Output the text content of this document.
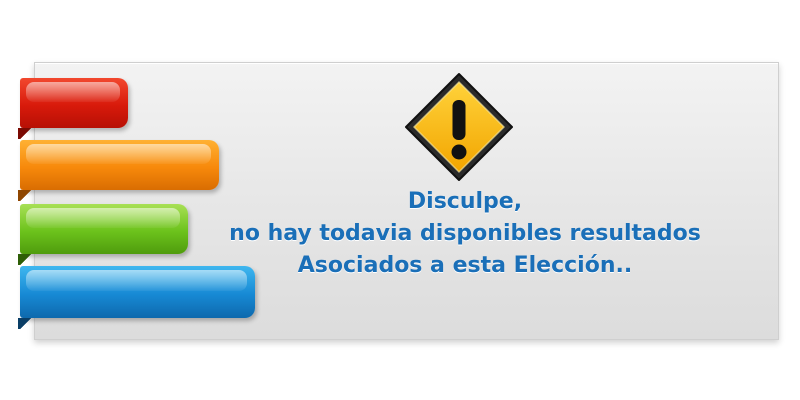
Disculpe,
no hay todavia disponibles resultados
Asociados a esta Elección..
